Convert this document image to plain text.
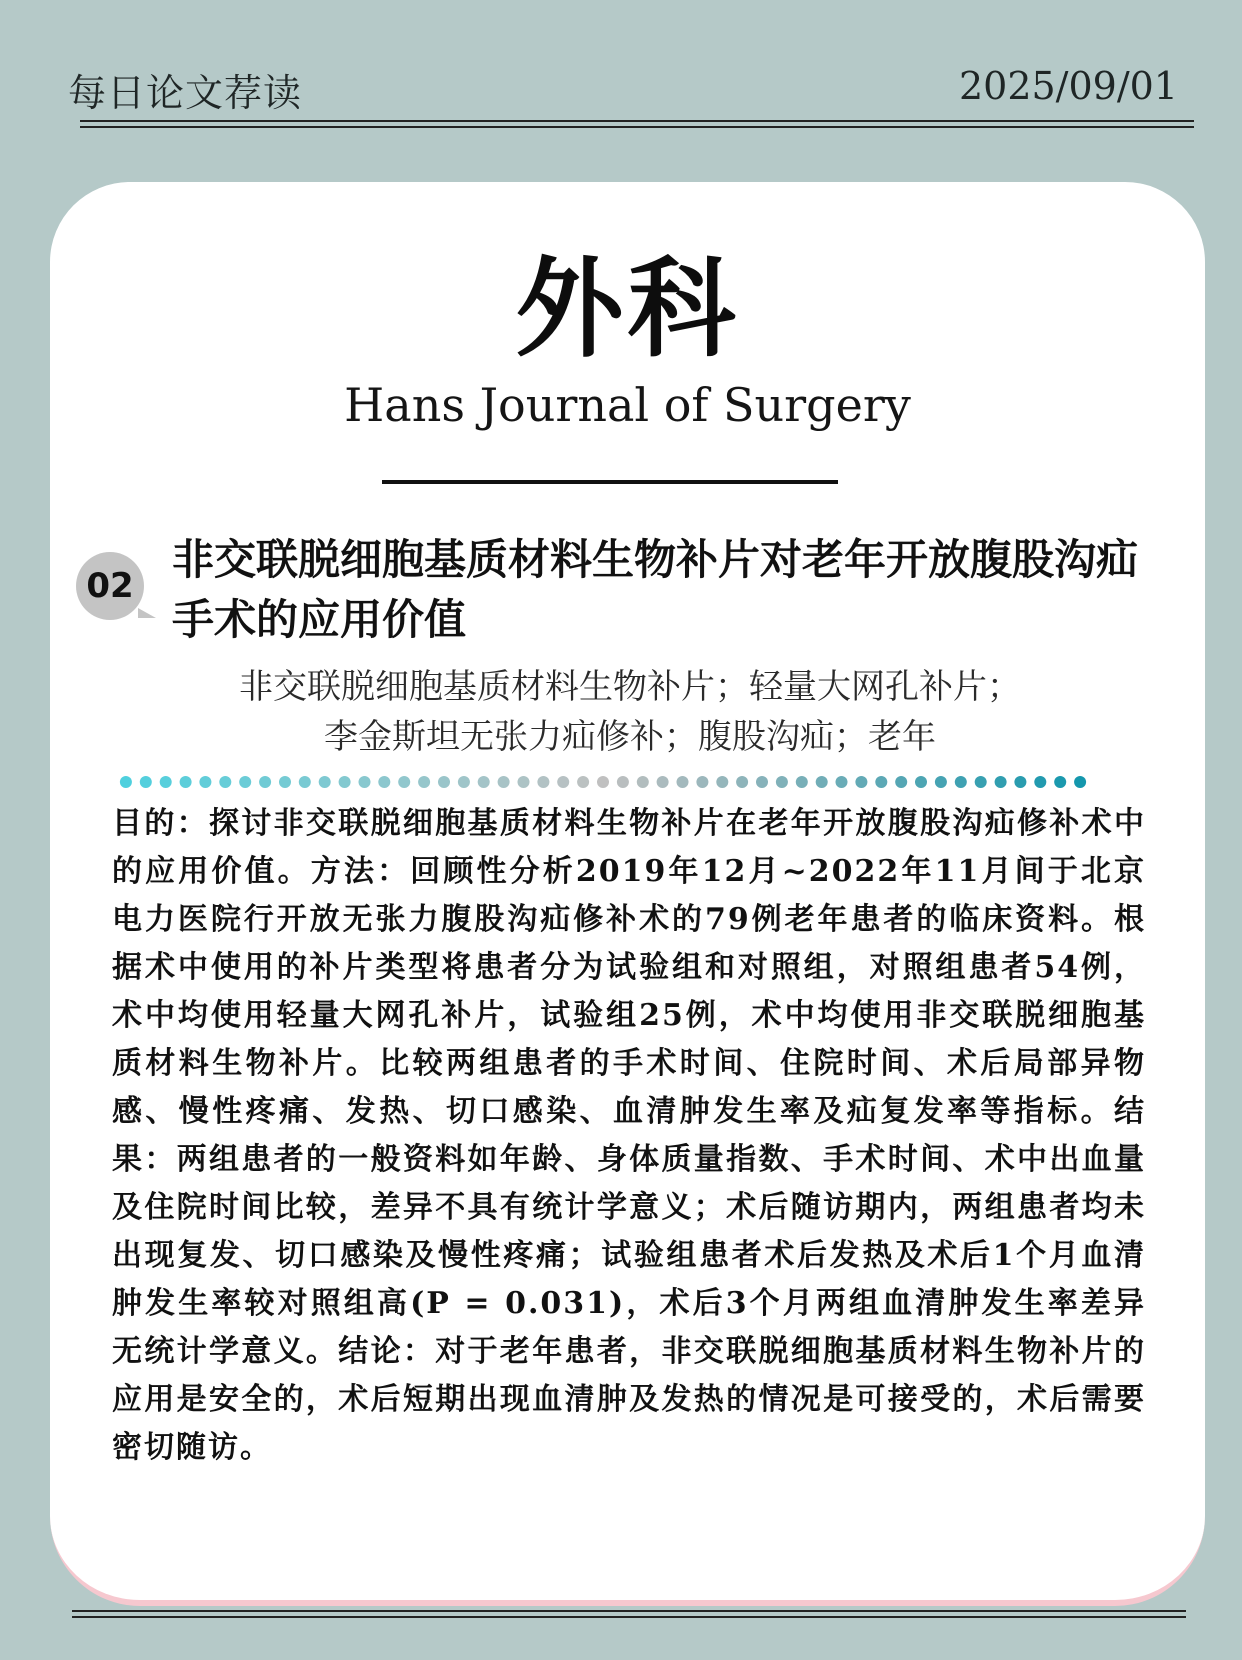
每日论文荐读	2025/09/01
外科
Hans Journal of Surgery
02
非交联脱细胞基质材料生物补片对老年开放腹股沟疝手术的应用价值
非交联脱细胞基质材料生物补片；轻量大网孔补片；
李金斯坦无张力疝修补；腹股沟疝；老年

目的：探讨非交联脱细胞基质材料生物补片在老年开放腹股沟疝修补术中的应用价值。方法：回顾性分析2019年12月~2022年11月间于北京电力医院行开放无张力腹股沟疝修补术的79例老年患者的临床资料。根据术中使用的补片类型将患者分为试验组和对照组，对照组患者54例，术中均使用轻量大网孔补片，试验组25例，术中均使用非交联脱细胞基质材料生物补片。比较两组患者的手术时间、住院时间、术后局部异物感、慢性疼痛、发热、切口感染、血清肿发生率及疝复发率等指标。结果：两组患者的一般资料如年龄、身体质量指数、手术时间、术中出血量及住院时间比较，差异不具有统计学意义；术后随访期内，两组患者均未出现复发、切口感染及慢性疼痛；试验组患者术后发热及术后1个月血清肿发生率较对照组高(P = 0.031)，术后3个月两组血清肿发生率差异无统计学意义。结论：对于老年患者，非交联脱细胞基质材料生物补片的应用是安全的，术后短期出现血清肿及发热的情况是可接受的，术后需要密切随访。
